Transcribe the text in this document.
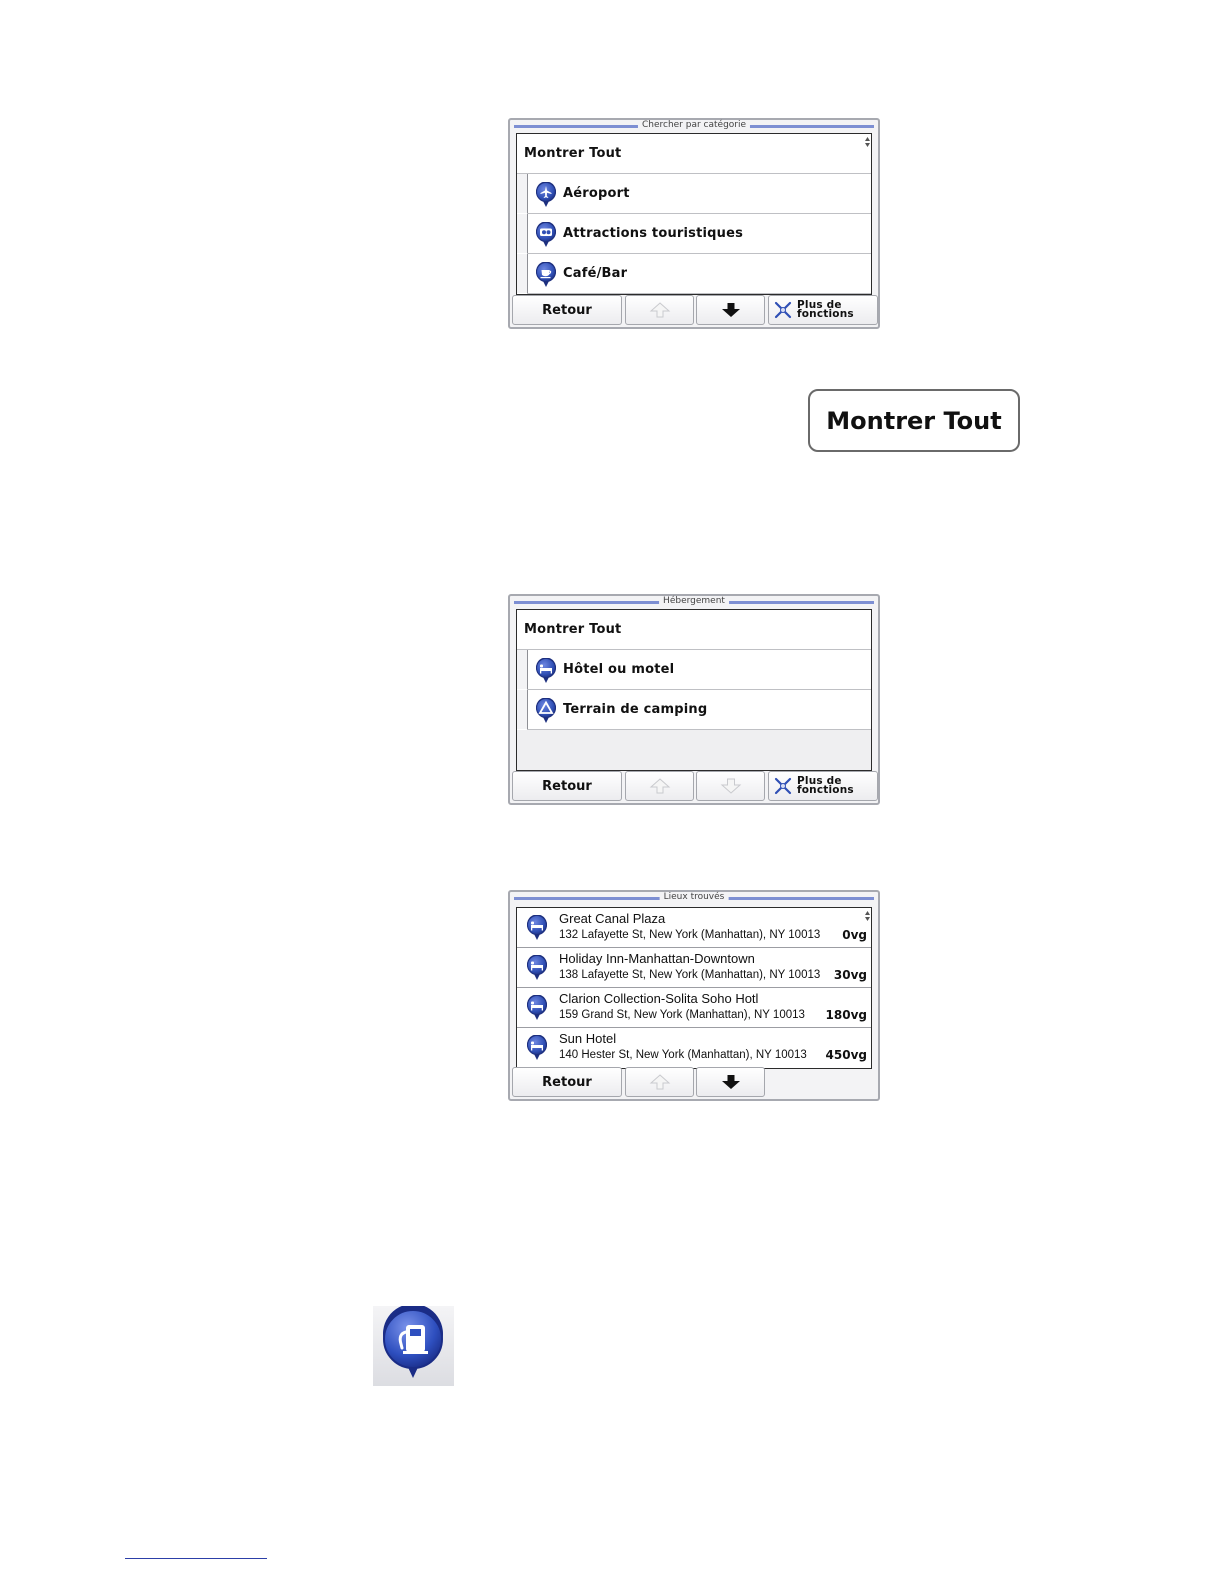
Chercher par catégorie
Montrer Tout
Aéroport
Attractions touristiques
Café/Bar
Retour	Plus de
fonctions
Montrer Tout
Hébergement
Montrer Tout
Hôtel ou motel
Terrain de camping
Retour	Plus de
fonctions
Lieux trouvés
Great Canal Plaza
132 Lafayette St, New York (Manhattan), NY 10013 0vg
Holiday Inn-Manhattan-Downtown
138 Lafayette St, New York (Manhattan), NY 10013 30vg
Clarion Collection-Solita Soho Hotl
159 Grand St, New York (Manhattan), NY 10013 180vg
Sun Hotel
140 Hester St, New York (Manhattan), NY 10013 450vg
Retour
